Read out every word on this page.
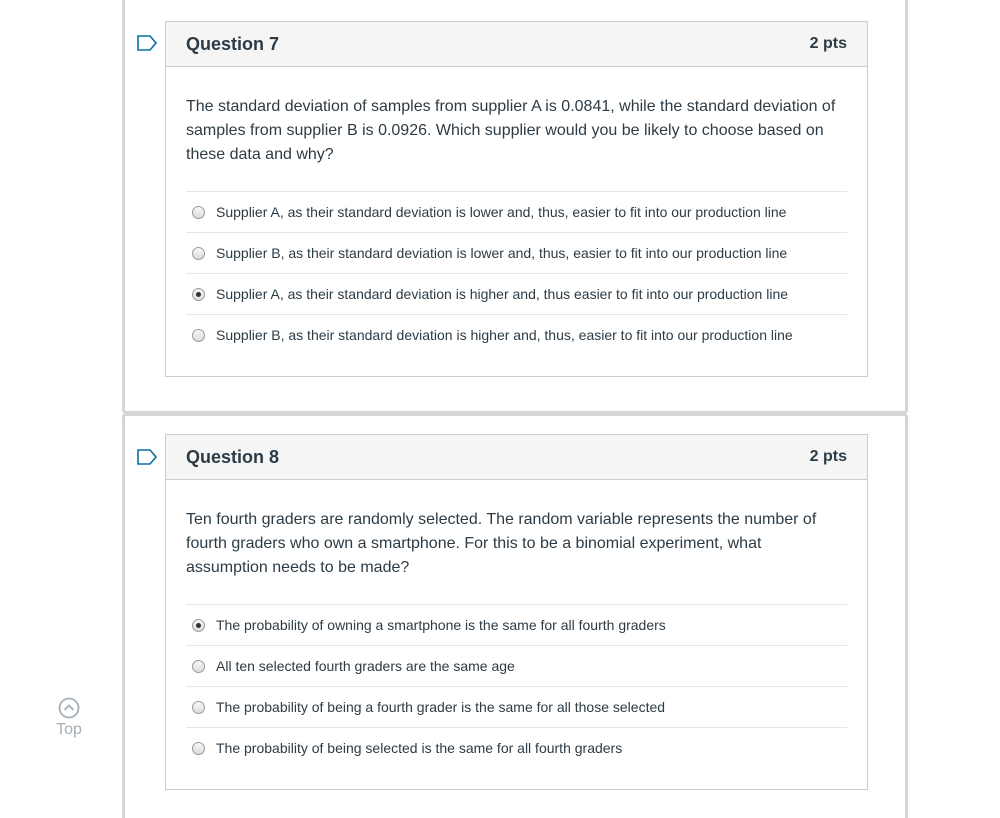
Question 7	2 pts

The standard deviation of samples from supplier A is 0.0841, while the standard deviation of samples from supplier B is 0.0926. Which supplier would you be likely to choose based on these data and why?

Supplier A, as their standard deviation is lower and, thus, easier to fit into our production line
Supplier B, as their standard deviation is lower and, thus, easier to fit into our production line
Supplier A, as their standard deviation is higher and, thus easier to fit into our production line
Supplier B, as their standard deviation is higher and, thus, easier to fit into our production line
Question 8	2 pts

Ten fourth graders are randomly selected. The random variable represents the number of fourth graders who own a smartphone. For this to be a binomial experiment, what assumption needs to be made?

The probability of owning a smartphone is the same for all fourth graders
All ten selected fourth graders are the same age
The probability of being a fourth grader is the same for all those selected
The probability of being selected is the same for all fourth graders
Top
